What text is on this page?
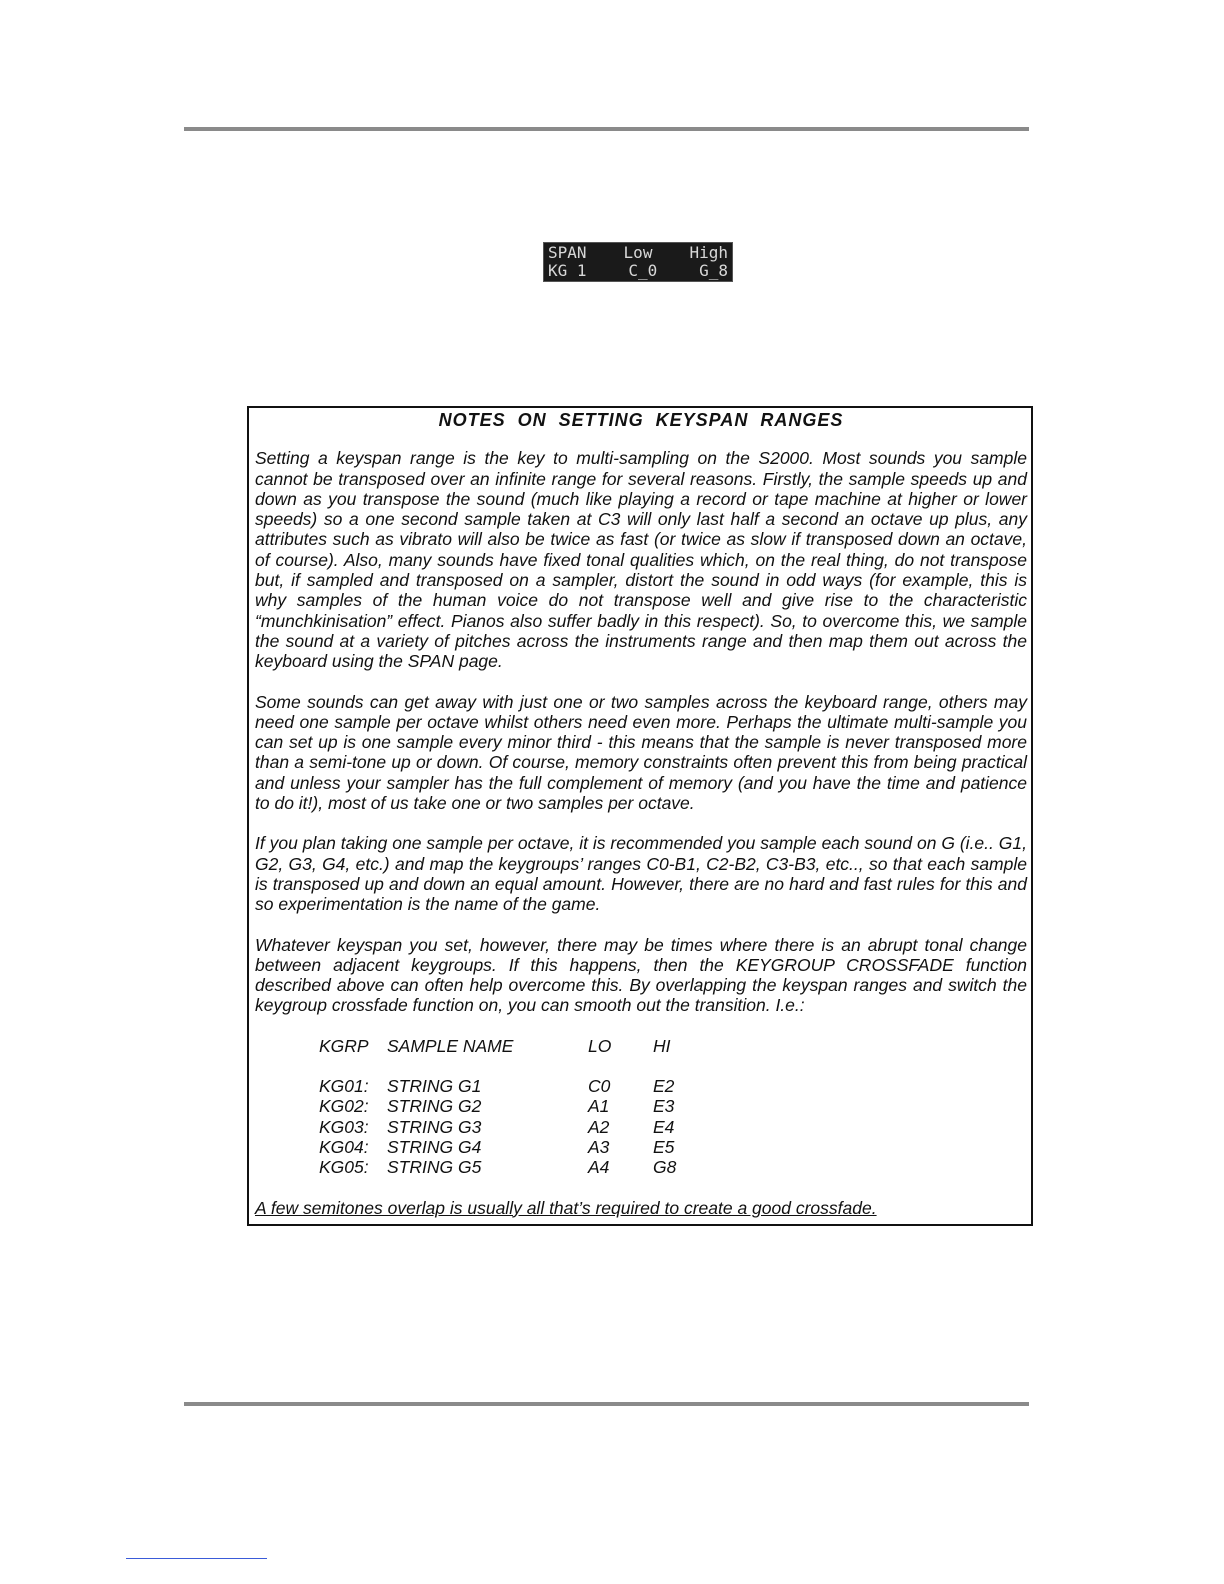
SPAN Low High
KG 1	C_0	G_8
NOTES ON SETTING KEYSPAN RANGES

Setting a keyspan range is the key to multi-sampling on the S2000. Most sounds you sample cannot be transposed over an infinite range for several reasons. Firstly, the sample speeds up and down as you transpose the sound (much like playing a record or tape machine at higher or lower speeds) so a one second sample taken at C3 will only last half a second an octave up plus, any attributes such as vibrato will also be twice as fast (or twice as slow if transposed down an octave, of course). Also, many sounds have fixed tonal qualities which, on the real thing, do not transpose but, if sampled and transposed on a sampler, distort the sound in odd ways (for example, this is why samples of the human voice do not transpose well and give rise to the characteristic “munchkinisation” effect. Pianos also suffer badly in this respect). So, to overcome this, we sample the sound at a variety of pitches across the instruments range and then map them out across the keyboard using the SPAN page.

Some sounds can get away with just one or two samples across the keyboard range, others may need one sample per octave whilst others need even more. Perhaps the ultimate multi-sample you can set up is one sample every minor third - this means that the sample is never transposed more than a semi-tone up or down. Of course, memory constraints often prevent this from being practical and unless your sampler has the full complement of memory (and you have the time and patience to do it!), most of us take one or two samples per octave.

If you plan taking one sample per octave, it is recommended you sample each sound on G (i.e.. G1, G2, G3, G4, etc.) and map the keygroups’ ranges C0-B1, C2-B2, C3-B3, etc.., so that each sample is transposed up and down an equal amount. However, there are no hard and fast rules for this and so experimentation is the name of the game.

Whatever keyspan you set, however, there may be times where there is an abrupt tonal change between adjacent keygroups. If this happens, then the KEYGROUP CROSSFADE function described above can often help overcome this. By overlapping the keyspan ranges and switch the keygroup crossfade function on, you can smooth out the transition. I.e.:

KGRP	SAMPLE NAME	LO	HI
KG01:	STRING G1	C0	E2
KG02:	STRING G2	A1	E3
KG03:	STRING G3	A2	E4
KG04:	STRING G4	A3	E5
KG05:	STRING G5	A4	G8
A few semitones overlap is usually all that’s required to create a good crossfade.
